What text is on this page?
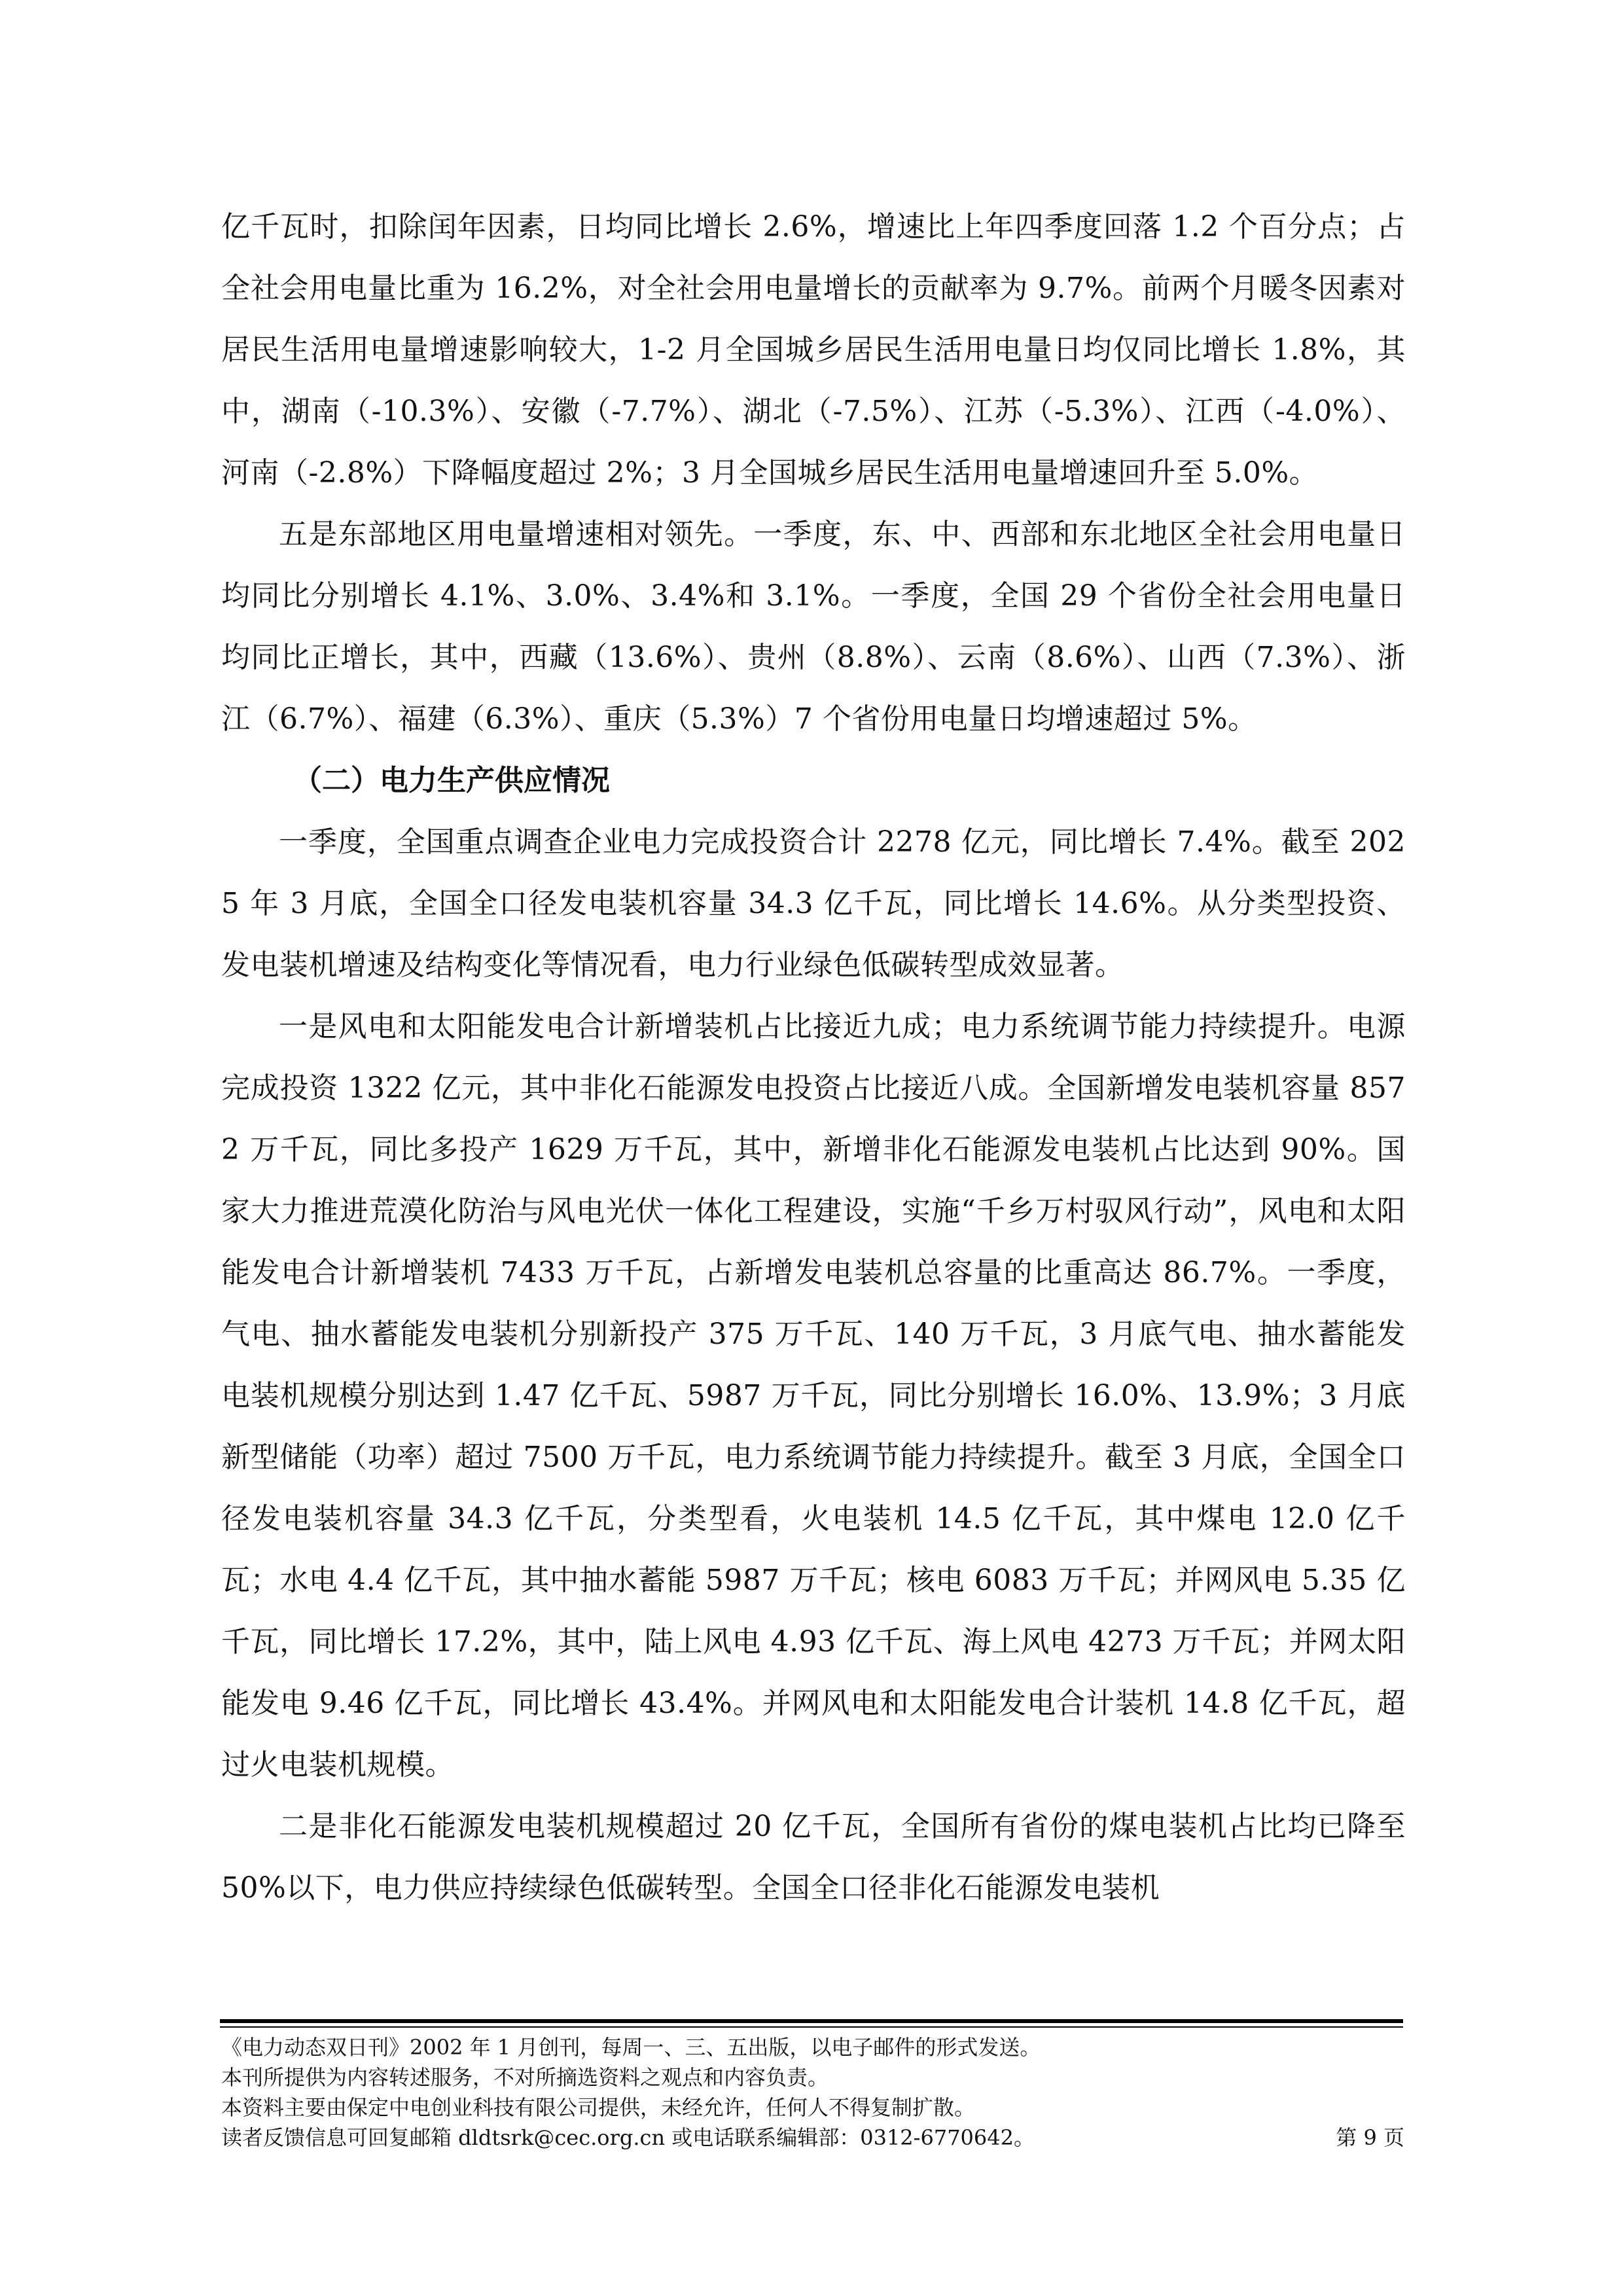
亿千瓦时，扣除闰年因素，日均同比增长 2.6%，增速比上年四季度回落 1.2 个百分点；占全社会用电量比重为 16.2%，对全社会用电量增长的贡献率为 9.7%。前两个月暖冬因素对居民生活用电量增速影响较大，1-2 月全国城乡居民生活用电量日均仅同比增长 1.8%，其中，湖南（-10.3%）、安徽（-7.7%）、湖北（-7.5%）、江苏（-5.3%）、江西（-4.0%）、河南（-2.8%）下降幅度超过 2%；3 月全国城乡居民生活用电量增速回升至 5.0%。

五是东部地区用电量增速相对领先。一季度，东、中、西部和东北地区全社会用电量日均同比分别增长 4.1%、3.0%、3.4%和 3.1%。一季度，全国 29 个省份全社会用电量日均同比正增长，其中，西藏（13.6%）、贵州（8.8%）、云南（8.6%）、山西（7.3%）、浙江（6.7%）、福建（6.3%）、重庆（5.3%）7 个省份用电量日均增速超过 5%。

（二）电力生产供应情况

一季度，全国重点调查企业电力完成投资合计 2278 亿元，同比增长 7.4%。截至 2025 年 3 月底，全国全口径发电装机容量 34.3 亿千瓦，同比增长 14.6%。从分类型投资、发电装机增速及结构变化等情况看，电力行业绿色低碳转型成效显著。

一是风电和太阳能发电合计新增装机占比接近九成；电力系统调节能力持续提升。电源完成投资 1322 亿元，其中非化石能源发电投资占比接近八成。全国新增发电装机容量 8572 万千瓦，同比多投产 1629 万千瓦，其中，新增非化石能源发电装机占比达到 90%。国家大力推进荒漠化防治与风电光伏一体化工程建设，实施“千乡万村驭风行动”，风电和太阳能发电合计新增装机 7433 万千瓦，占新增发电装机总容量的比重高达 86.7%。一季度，气电、抽水蓄能发电装机分别新投产 375 万千瓦、140 万千瓦，3 月底气电、抽水蓄能发电装机规模分别达到 1.47 亿千瓦、5987 万千瓦，同比分别增长 16.0%、13.9%；3 月底新型储能（功率）超过 7500 万千瓦，电力系统调节能力持续提升。截至 3 月底，全国全口径发电装机容量 34.3 亿千瓦，分类型看，火电装机 14.5 亿千瓦，其中煤电 12.0 亿千瓦；水电 4.4 亿千瓦，其中抽水蓄能 5987 万千瓦；核电 6083 万千瓦；并网风电 5.35 亿千瓦，同比增长 17.2%，其中，陆上风电 4.93 亿千瓦、海上风电 4273 万千瓦；并网太阳能发电 9.46 亿千瓦，同比增长 43.4%。并网风电和太阳能发电合计装机 14.8 亿千瓦，超过火电装机规模。

二是非化石能源发电装机规模超过 20 亿千瓦，全国所有省份的煤电装机占比均已降至 50%以下，电力供应持续绿色低碳转型。全国全口径非化石能源发电装机

《电力动态双日刊》2002 年 1 月创刊，每周一、三、五出版，以电子邮件的形式发送。

本刊所提供为内容转述服务，不对所摘选资料之观点和内容负责。

本资料主要由保定中电创业科技有限公司提供，未经允许，任何人不得复制扩散。

读者反馈信息可回复邮箱 dldtsrk@cec.org.cn 或电话联系编辑部：0312-6770642。	第 9 页
